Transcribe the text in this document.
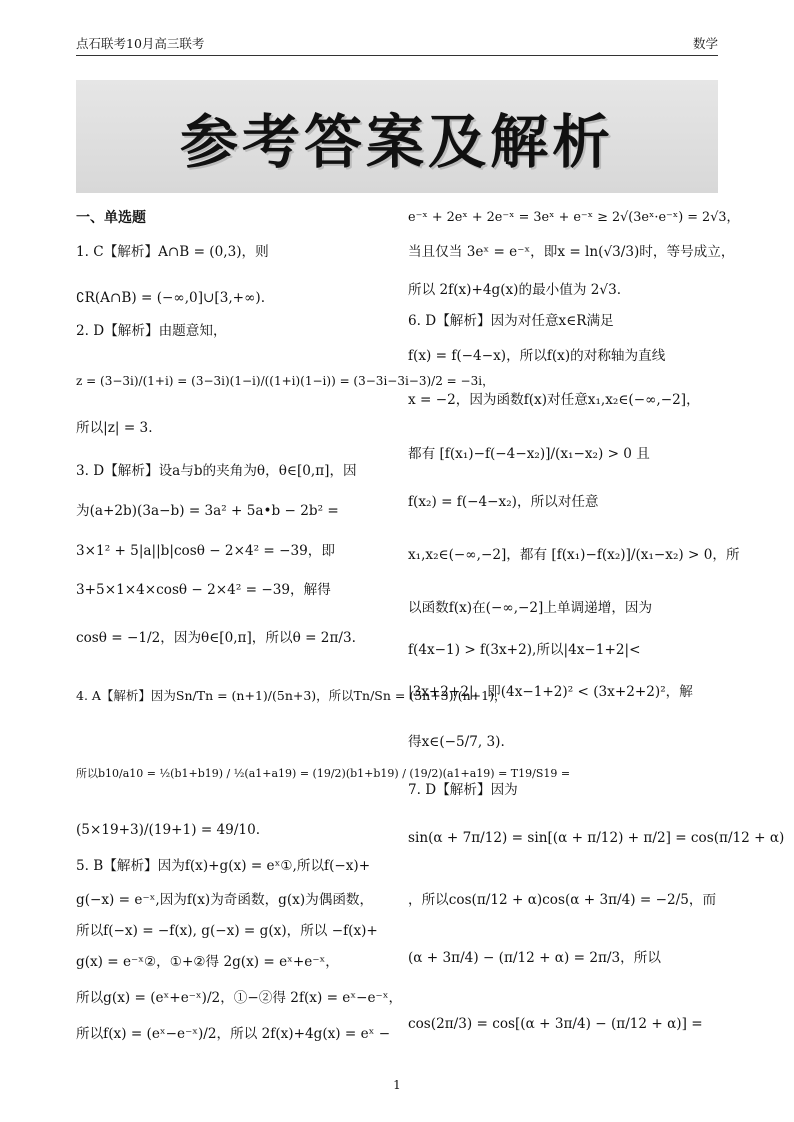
点石联考10月高三联考	数学
参考答案及解析
一、单选题
1. C【解析】A∩B = (0,3)，则
∁R(A∩B) = (−∞,0]∪[3,+∞).
2. D【解析】由题意知，
z = (3−3i)/(1+i) = (3−3i)(1−i)/((1+i)(1−i)) = (3−3i−3i−3)/2 = −3i，
所以|z| = 3.
3. D【解析】设a与b的夹角为θ，θ∈[0,π]，因
为(a+2b)(3a−b) = 3a² + 5a•b − 2b² =
3×1² + 5|a||b|cosθ − 2×4² = −39，即
3+5×1×4×cosθ − 2×4² = −39，解得
cosθ = −1/2，因为θ∈[0,π]，所以θ = 2π/3.
4. A【解析】因为Sn/Tn = (n+1)/(5n+3)，所以Tn/Sn = (5n+3)/(n+1)，
所以b10/a10 = ½(b1+b19) / ½(a1+a19) = (19/2)(b1+b19) / (19/2)(a1+a19) = T19/S19 =
(5×19+3)/(19+1) = 49/10.
5. B【解析】因为f(x)+g(x) = eˣ①,所以f(−x)+
g(−x) = e⁻ˣ,因为f(x)为奇函数，g(x)为偶函数，
所以f(−x) = −f(x), g(−x) = g(x)，所以 −f(x)+
g(x) = e⁻ˣ②，①+②得 2g(x) = eˣ+e⁻ˣ，
所以g(x) = (eˣ+e⁻ˣ)/2，①−②得 2f(x) = eˣ−e⁻ˣ，
所以f(x) = (eˣ−e⁻ˣ)/2，所以 2f(x)+4g(x) = eˣ −
e⁻ˣ + 2eˣ + 2e⁻ˣ = 3eˣ + e⁻ˣ ≥ 2√(3eˣ·e⁻ˣ) = 2√3，
当且仅当 3eˣ = e⁻ˣ，即x = ln(√3/3)时，等号成立，
所以 2f(x)+4g(x)的最小值为 2√3.
6. D【解析】因为对任意x∈R满足
f(x) = f(−4−x)，所以f(x)的对称轴为直线
x = −2，因为函数f(x)对任意x₁,x₂∈(−∞,−2]，
都有 [f(x₁)−f(−4−x₂)]/(x₁−x₂) > 0 且
f(x₂) = f(−4−x₂)，所以对任意
x₁,x₂∈(−∞,−2]，都有 [f(x₁)−f(x₂)]/(x₁−x₂) > 0，所
以函数f(x)在(−∞,−2]上单调递增，因为
f(4x−1) > f(3x+2),所以|4x−1+2|<
|3x+2+2|，即(4x−1+2)² < (3x+2+2)²，解
得x∈(−5/7, 3).
7. D【解析】因为
sin(α + 7π/12) = sin[(α + π/12) + π/2] = cos(π/12 + α)
，所以cos(π/12 + α)cos(α + 3π/4) = −2/5，而
(α + 3π/4) − (π/12 + α) = 2π/3，所以
cos(2π/3) = cos[(α + 3π/4) − (π/12 + α)] =
1
